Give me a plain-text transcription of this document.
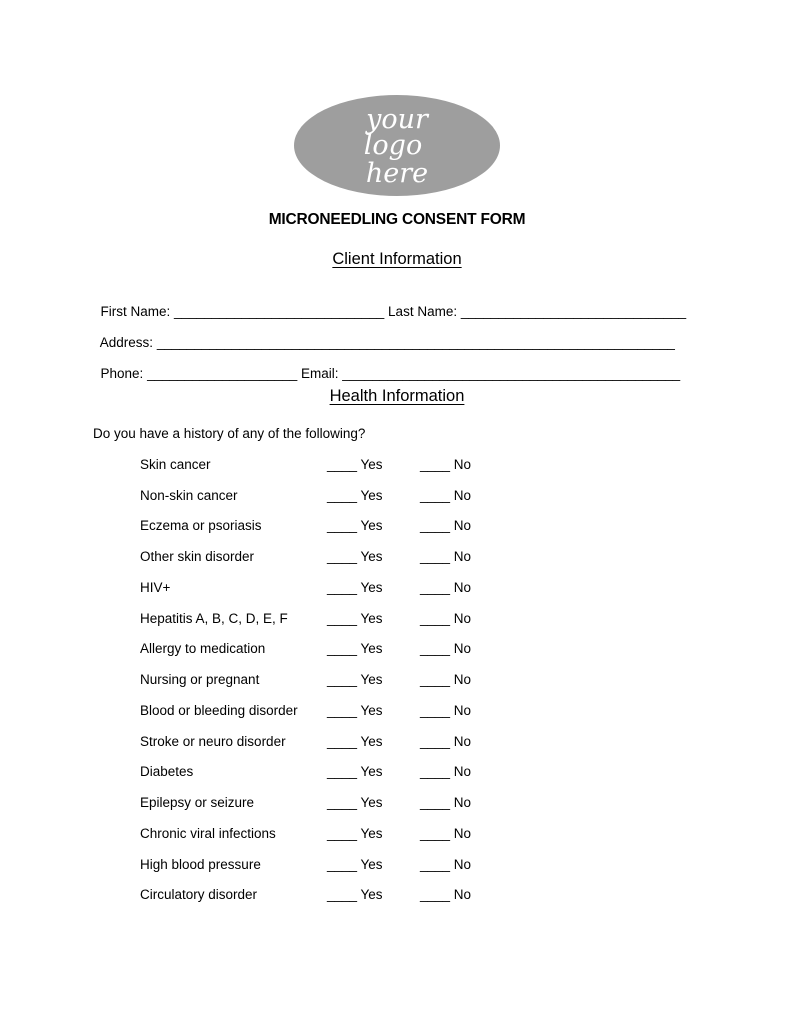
your
logo
here
MICRONEEDLING CONSENT FORM
Client Information

First Name: ____________________________ Last Name: ______________________________

Address: _____________________________________________________________________

Phone: ____________________ Email: _____________________________________________

Health Information
Do you have a history of any of the following?
Skin cancer	____ Yes	____ No
Non-skin cancer	____ Yes	____ No
Eczema or psoriasis	____ Yes	____ No
Other skin disorder	____ Yes	____ No
HIV+	____ Yes	____ No
Hepatitis A, B, C, D, E, F	____ Yes	____ No
Allergy to medication	____ Yes	____ No
Nursing or pregnant	____ Yes	____ No
Blood or bleeding disorder ____ Yes	____ No
Stroke or neuro disorder	____ Yes	____ No
Diabetes	____ Yes	____ No
Epilepsy or seizure	____ Yes	____ No
Chronic viral infections	____ Yes	____ No
High blood pressure	____ Yes	____ No
Circulatory disorder	____ Yes	____ No
